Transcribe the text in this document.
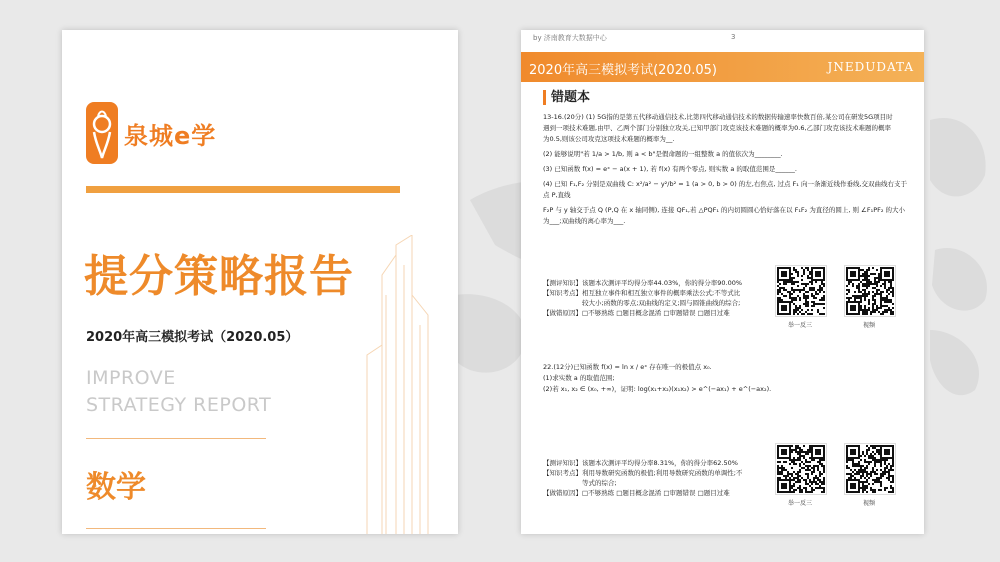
泉城e学
提分策略报告
2020年高三模拟考试（2020.05）
IMPROVE
STRATEGY REPORT
数学
by 济南教育大数据中心	3
2020年高三模拟考试(2020.05)	JNEDUDATA
错题本

13-16.(20分) (1) 5G指的是第五代移动通信技术,比第四代移动通信技术的数据传输速率快数百倍,某公司在研发5G项目时

遇到一项技术难题,由甲、乙两个部门分别独立攻关,已知甲部门攻克该技术难题的概率为0.6,乙部门攻克该技术难题的概率

为0.5,则该公司攻克这项技术难题的概率为__.

(2) 能够说明"若 1/a > 1/b, 则 a < b"是假命题的一组整数 a 的值依次为________.

(3) 已知函数 f(x) = eˣ − a(x + 1), 若 f(x) 有两个零点, 则实数 a 的取值范围是______.

(4) 已知 F₁,F₂ 分别是双曲线 C: x²/a² − y²/b² = 1 (a > 0, b > 0) 的左,右焦点, 过点 F₁ 向一条渐近线作垂线,交双曲线右支于点 P,直线

F₂P 与 y 轴交于点 Q (P,Q 在 x 轴同侧), 连接 QF₁,若 △PQF₁ 的内切圆圆心恰好落在以 F₁F₂ 为直径的圆上, 则 ∠F₁PF₂ 的大小

为___;双曲线的离心率为___.

【测评知识】该题本次测评平均得分率44.03%，你的得分率90.00%

【知识考点】相互独立事件和相互独立事件的概率乘法公式;不等式比

　　　　　　较大小;函数的零点;双曲线的定义;圆与圆锥曲线的综合;

【做错原因】□不够熟练 □题目概念混淆 □审题错误 □题目过难

举一反三	视频

22.(12分)已知函数 f(x) = ln x / eˣ 存在唯一的极值点 x₀.

(1)求实数 a 的取值范围;

(2)若 x₁, x₂ ∈ (x₀, +∞)，证明: log(x₁+x₂)(x₁x₂) > e^(−ax₁) + e^(−ax₂).

【测评知识】该题本次测评平均得分率8.31%，你的得分率62.50%

【知识考点】利用导数研究函数的极值;利用导数研究函数的单调性;不

　　　　　　等式的综合;

【做错原因】□不够熟练 □题目概念混淆 □审题错误 □题目过难

举一反三	视频
